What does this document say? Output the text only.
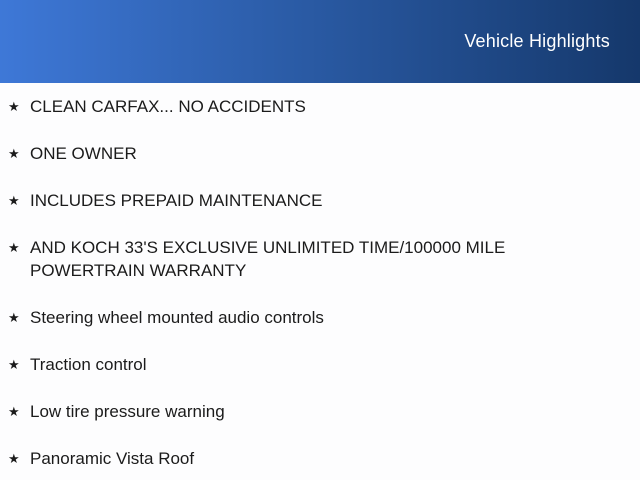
Vehicle Highlights
★ CLEAN CARFAX... NO ACCIDENTS
★ ONE OWNER
★ INCLUDES PREPAID MAINTENANCE
★ AND KOCH 33'S EXCLUSIVE UNLIMITED TIME/100000 MILE POWERTRAIN WARRANTY
★ Steering wheel mounted audio controls
★ Traction control
★ Low tire pressure warning
★ Panoramic Vista Roof
